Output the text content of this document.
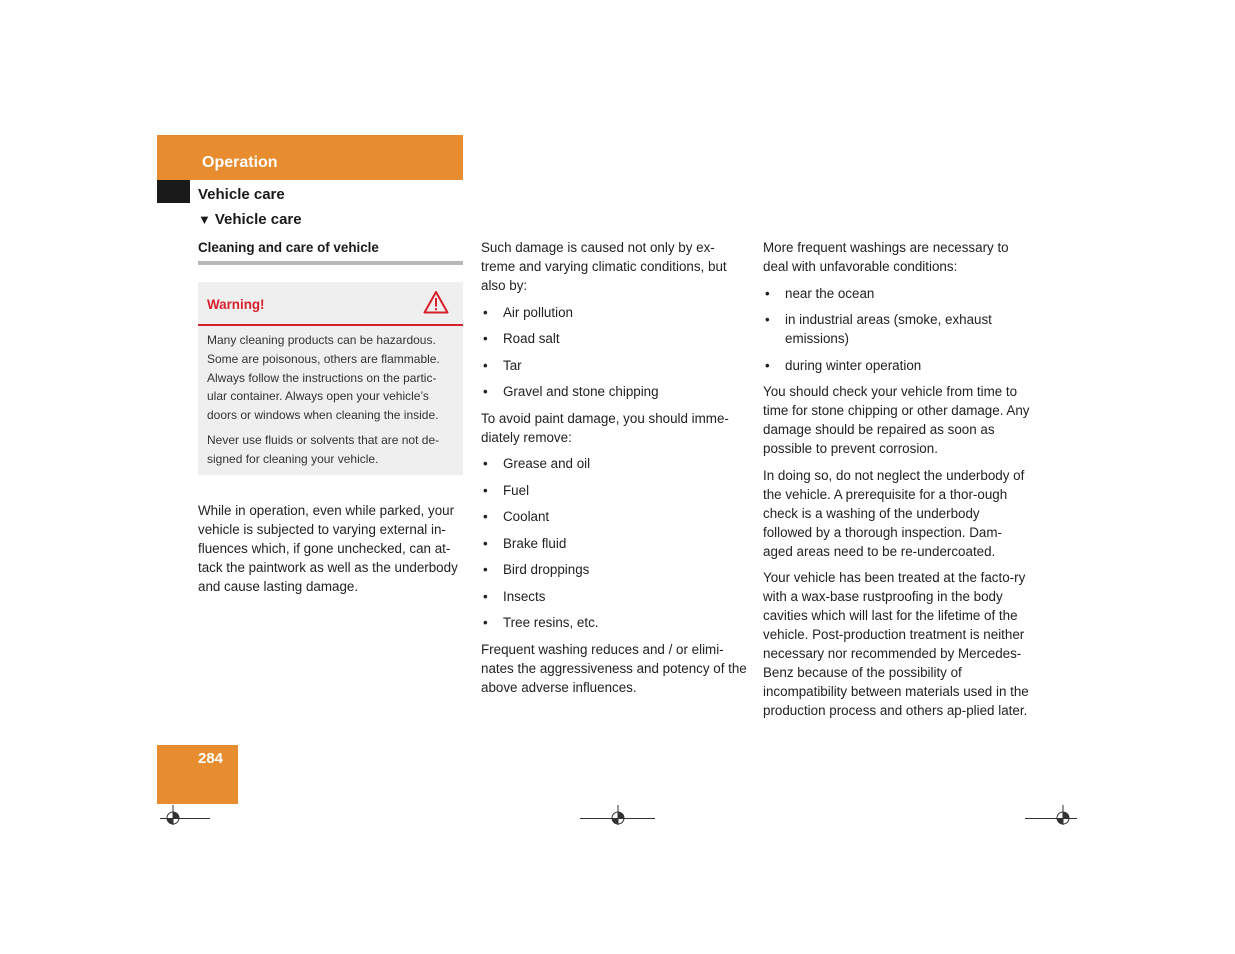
Operation
Vehicle care
▼ Vehicle care
Cleaning and care of vehicle
Warning!

Many cleaning products can be hazardous. Some are poisonous, others are flammable. Always follow the instructions on the partic-ular container. Always open your vehicle’s doors or windows when cleaning the inside.

Never use fluids or solvents that are not de-signed for cleaning your vehicle.

While in operation, even while parked, your vehicle is subjected to varying external in-fluences which, if gone unchecked, can at-tack the paintwork as well as the underbody and cause lasting damage.

Such damage is caused not only by ex-treme and varying climatic conditions, but also by:

• Air pollution
• Road salt
• Tar
• Gravel and stone chipping

To avoid paint damage, you should imme-diately remove:

• Grease and oil
• Fuel
• Coolant
• Brake fluid
• Bird droppings
• Insects
• Tree resins, etc.

Frequent washing reduces and / or elimi-nates the aggressiveness and potency of the above adverse influences.

More frequent washings are necessary to deal with unfavorable conditions:

• near the ocean
• in industrial areas (smoke, exhaust emissions)
• during winter operation

You should check your vehicle from time to time for stone chipping or other damage. Any damage should be repaired as soon as possible to prevent corrosion.

In doing so, do not neglect the underbody of the vehicle. A prerequisite for a thor-ough check is a washing of the underbody followed by a thorough inspection. Dam-aged areas need to be re-undercoated.

Your vehicle has been treated at the facto-ry with a wax-base rustproofing in the body cavities which will last for the lifetime of the vehicle. Post-production treatment is neither necessary nor recommended by Mercedes-Benz because of the possibility of incompatibility between materials used in the production process and others ap-plied later.

284
